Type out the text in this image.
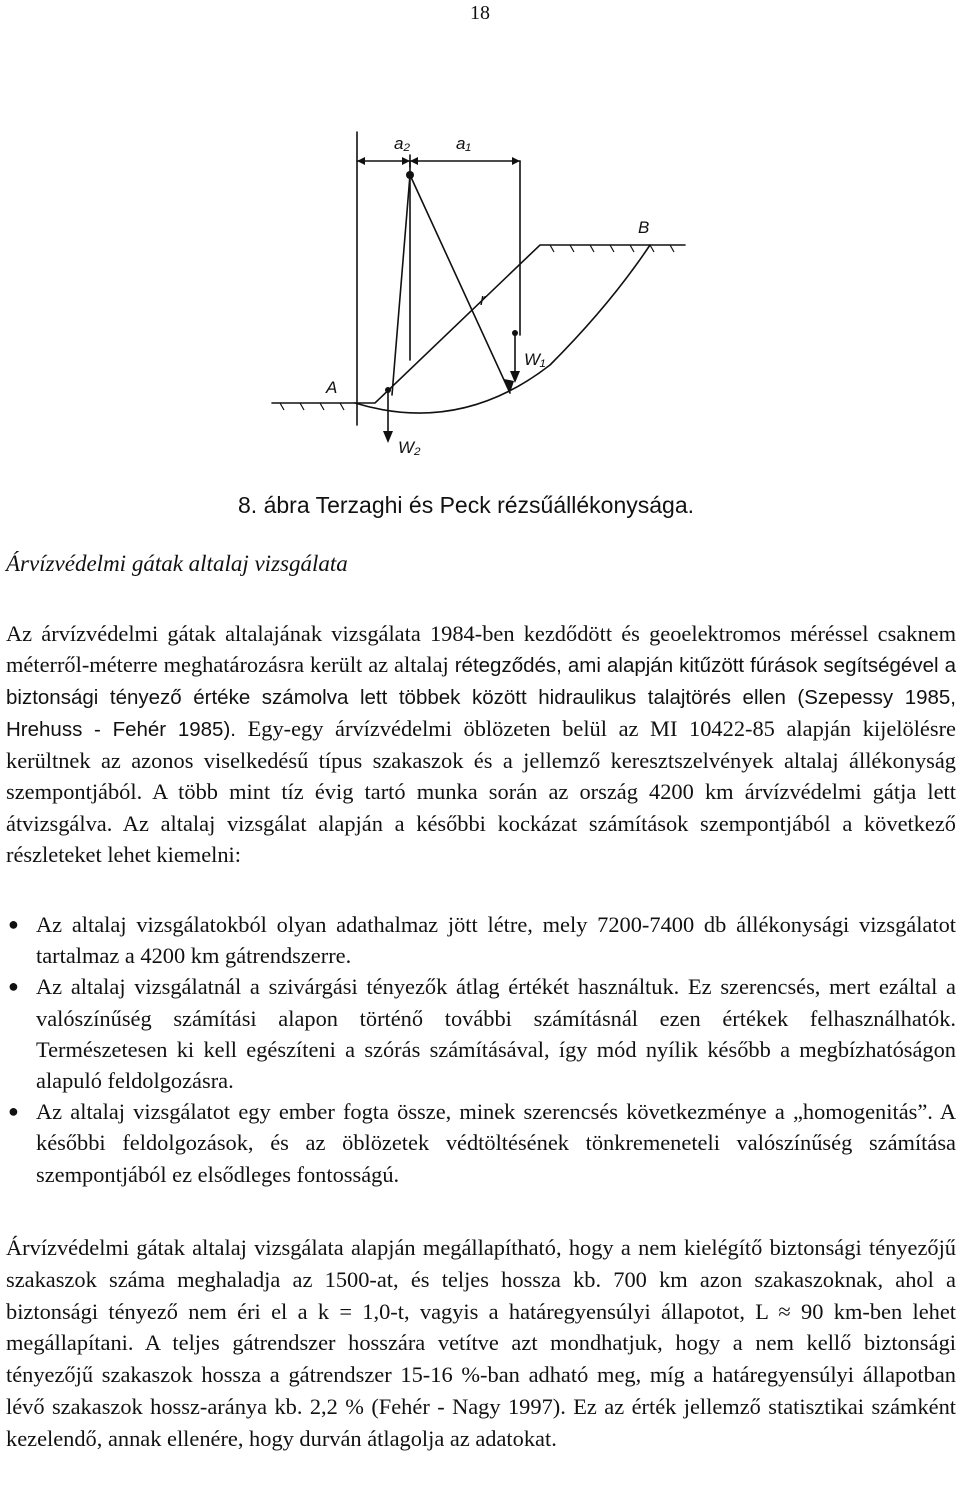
18
a₂	a₁
B
r
W₁
A
W₂
8. ábra Terzaghi és Peck rézsűállékonysága.
Árvízvédelmi gátak altalaj vizsgálata

Az árvízvédelmi gátak altalajának vizsgálata 1984-ben kezdődött és geoelektromos méréssel csaknem méterről-méterre meghatározásra került az altalaj rétegződés, ami alapján kitűzött fúrások segítségével a biztonsági tényező értéke számolva lett többek között hidraulikus talajtörés ellen (Szepessy 1985, Hrehuss - Fehér 1985). Egy-egy árvízvédelmi öblözeten belül az MI 10422-85 alapján kijelölésre kerültnek az azonos viselkedésű típus szakaszok és a jellemző keresztszelvények altalaj állékonyság szempontjából. A több mint tíz évig tartó munka során az ország 4200 km árvízvédelmi gátja lett átvizsgálva. Az altalaj vizsgálat alapján a későbbi kockázat számítások szempontjából a következő részleteket lehet kiemelni:

● Az altalaj vizsgálatokból olyan adathalmaz jött létre, mely 7200-7400 db állékonysági vizsgálatot tartalmaz a 4200 km gátrendszerre.
● Az altalaj vizsgálatnál a szivárgási tényezők átlag értékét használtuk. Ez szerencsés, mert ezáltal a valószínűség számítási alapon történő további számításnál ezen értékek felhasználhatók. Természetesen ki kell egészíteni a szórás számításával, így mód nyílik később a megbízhatóságon alapuló feldolgozásra.
● Az altalaj vizsgálatot egy ember fogta össze, minek szerencsés következménye a „homogenitás”. A későbbi feldolgozások, és az öblözetek védtöltésének tönkremeneteli valószínűség számítása szempontjából ez elsődleges fontosságú.

Árvízvédelmi gátak altalaj vizsgálata alapján megállapítható, hogy a nem kielégítő biztonsági tényezőjű szakaszok száma meghaladja az 1500-at, és teljes hossza kb. 700 km azon szakaszoknak, ahol a biztonsági tényező nem éri el a k = 1,0-t, vagyis a határegyensúlyi állapotot, L ≈ 90 km-ben lehet megállapítani. A teljes gátrendszer hosszára vetítve azt mondhatjuk, hogy a nem kellő biztonsági tényezőjű szakaszok hossza a gátrendszer 15-16 %-ban adható meg, míg a határegyensúlyi állapotban lévő szakaszok hossz-aránya kb. 2,2 % (Fehér - Nagy 1997). Ez az érték jellemző statisztikai számként kezelendő, annak ellenére, hogy durván átlagolja az adatokat.
